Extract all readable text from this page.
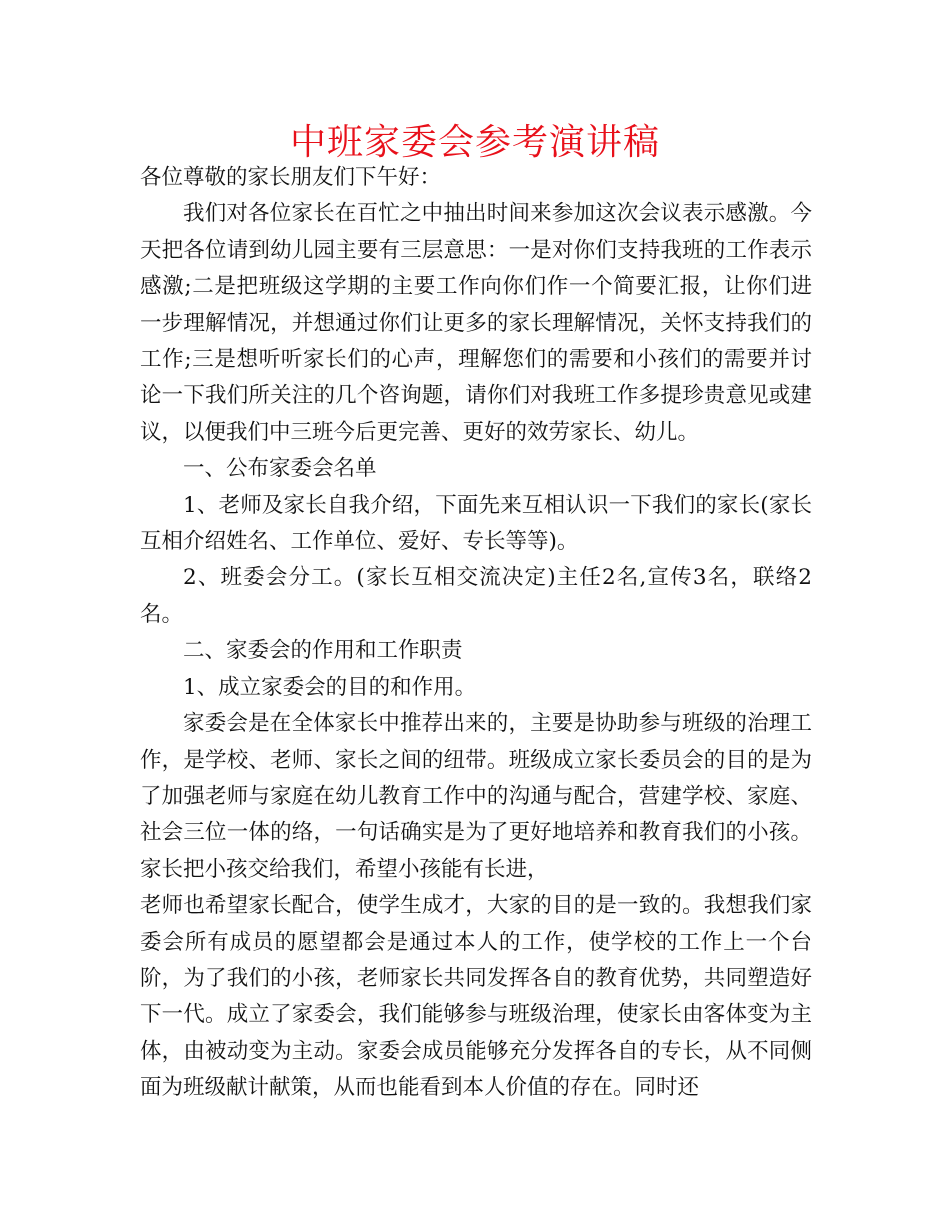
中班家委会参考演讲稿

各位尊敬的家长朋友们下午好：

我们对各位家长在百忙之中抽出时间来参加这次会议表示感激。今天把各位请到幼儿园主要有三层意思：一是对你们支持我班的工作表示感激;二是把班级这学期的主要工作向你们作一个简要汇报，让你们进一步理解情况，并想通过你们让更多的家长理解情况，关怀支持我们的工作;三是想听听家长们的心声，理解您们的需要和小孩们的需要并讨论一下我们所关注的几个咨询题，请你们对我班工作多提珍贵意见或建议，以便我们中三班今后更完善、更好的效劳家长、幼儿。

一、公布家委会名单

1、老师及家长自我介绍，下面先来互相认识一下我们的家长(家长互相介绍姓名、工作单位、爱好、专长等等)。

2、班委会分工。(家长互相交流决定)主任2名,宣传3名，联络2名。

二、家委会的作用和工作职责

1、成立家委会的目的和作用。

家委会是在全体家长中推荐出来的，主要是协助参与班级的治理工作，是学校、老师、家长之间的纽带。班级成立家长委员会的目的是为了加强老师与家庭在幼儿教育工作中的沟通与配合，营建学校、家庭、社会三位一体的络，一句话确实是为了更好地培养和教育我们的小孩。家长把小孩交给我们，希望小孩能有长进，

老师也希望家长配合，使学生成才，大家的目的是一致的。我想我们家委会所有成员的愿望都会是通过本人的工作，使学校的工作上一个台阶，为了我们的小孩，老师家长共同发挥各自的教育优势，共同塑造好下一代。成立了家委会，我们能够参与班级治理，使家长由客体变为主体，由被动变为主动。家委会成员能够充分发挥各自的专长，从不同侧面为班级献计献策，从而也能看到本人价值的存在。同时还
